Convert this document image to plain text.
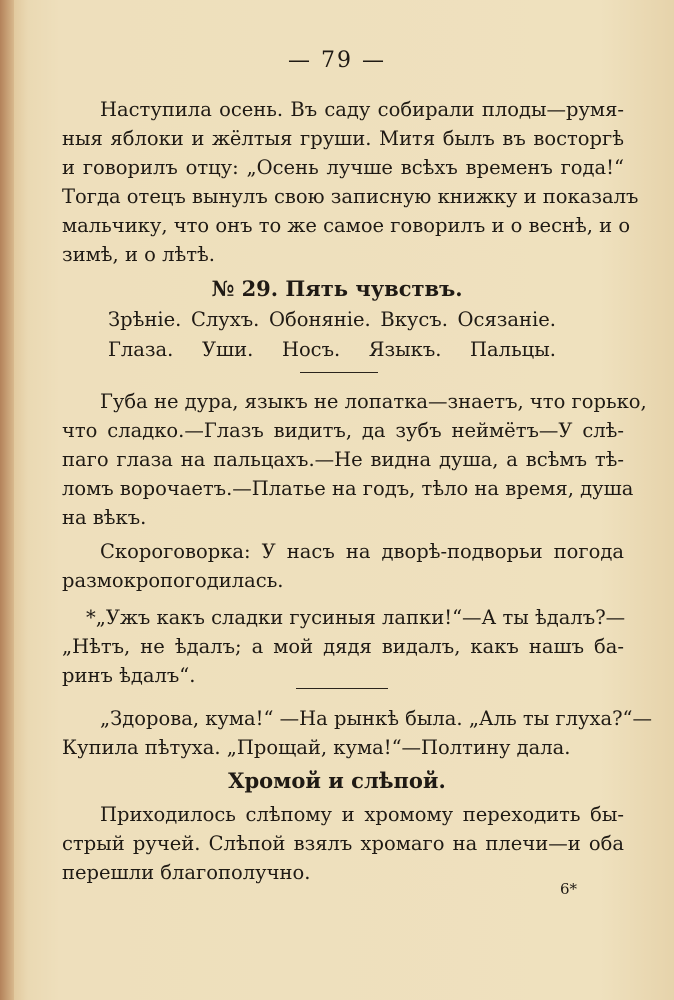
— 79 —
Наступила осень. Въ саду собирали плоды—румя-
ныя яблоки и жёлтыя груши. Митя былъ въ восторгѣ
и говорилъ отцу: „Осень лучше всѣхъ временъ года!“
Тогда отецъ вынулъ свою записную книжку и показалъ
мальчику, что онъ то же самое говорилъ и о веснѣ, и о
зимѣ, и о лѣтѣ.
№ 29. Пять чувствъ.
Зрѣніе. Слухъ. Обоняніе. Вкусъ. Осязаніе.
Глаза. Уши. Носъ. Языкъ. Пальцы.
Губа не дура, языкъ не лопатка—знаетъ, что горько,
что сладко.—Глазъ видитъ, да зубъ неймётъ—У слѣ-
паго глаза на пальцахъ.—Не видна душа, а всѣмъ тѣ-
ломъ ворочаетъ.—Платье на годъ, тѣло на время, душа
на вѣкъ.
Скороговорка: У насъ на дворѣ-подворьи погода
размокропогодилась.
*„Ужъ какъ сладки гусиныя лапки!“—А ты ѣдалъ?—
„Нѣтъ, не ѣдалъ; а мой дядя видалъ, какъ нашъ ба-
ринъ ѣдалъ“.
„Здорова, кума!“ —На рынкѣ была. „Аль ты глуха?“—
Купила пѣтуха. „Прощай, кума!“—Полтину дала.
Хромой и слѣпой.
Приходилось слѣпому и хромому переходить бы-
стрый ручей. Слѣпой взялъ хромаго на плечи—и оба
перешли благополучно.
6*
